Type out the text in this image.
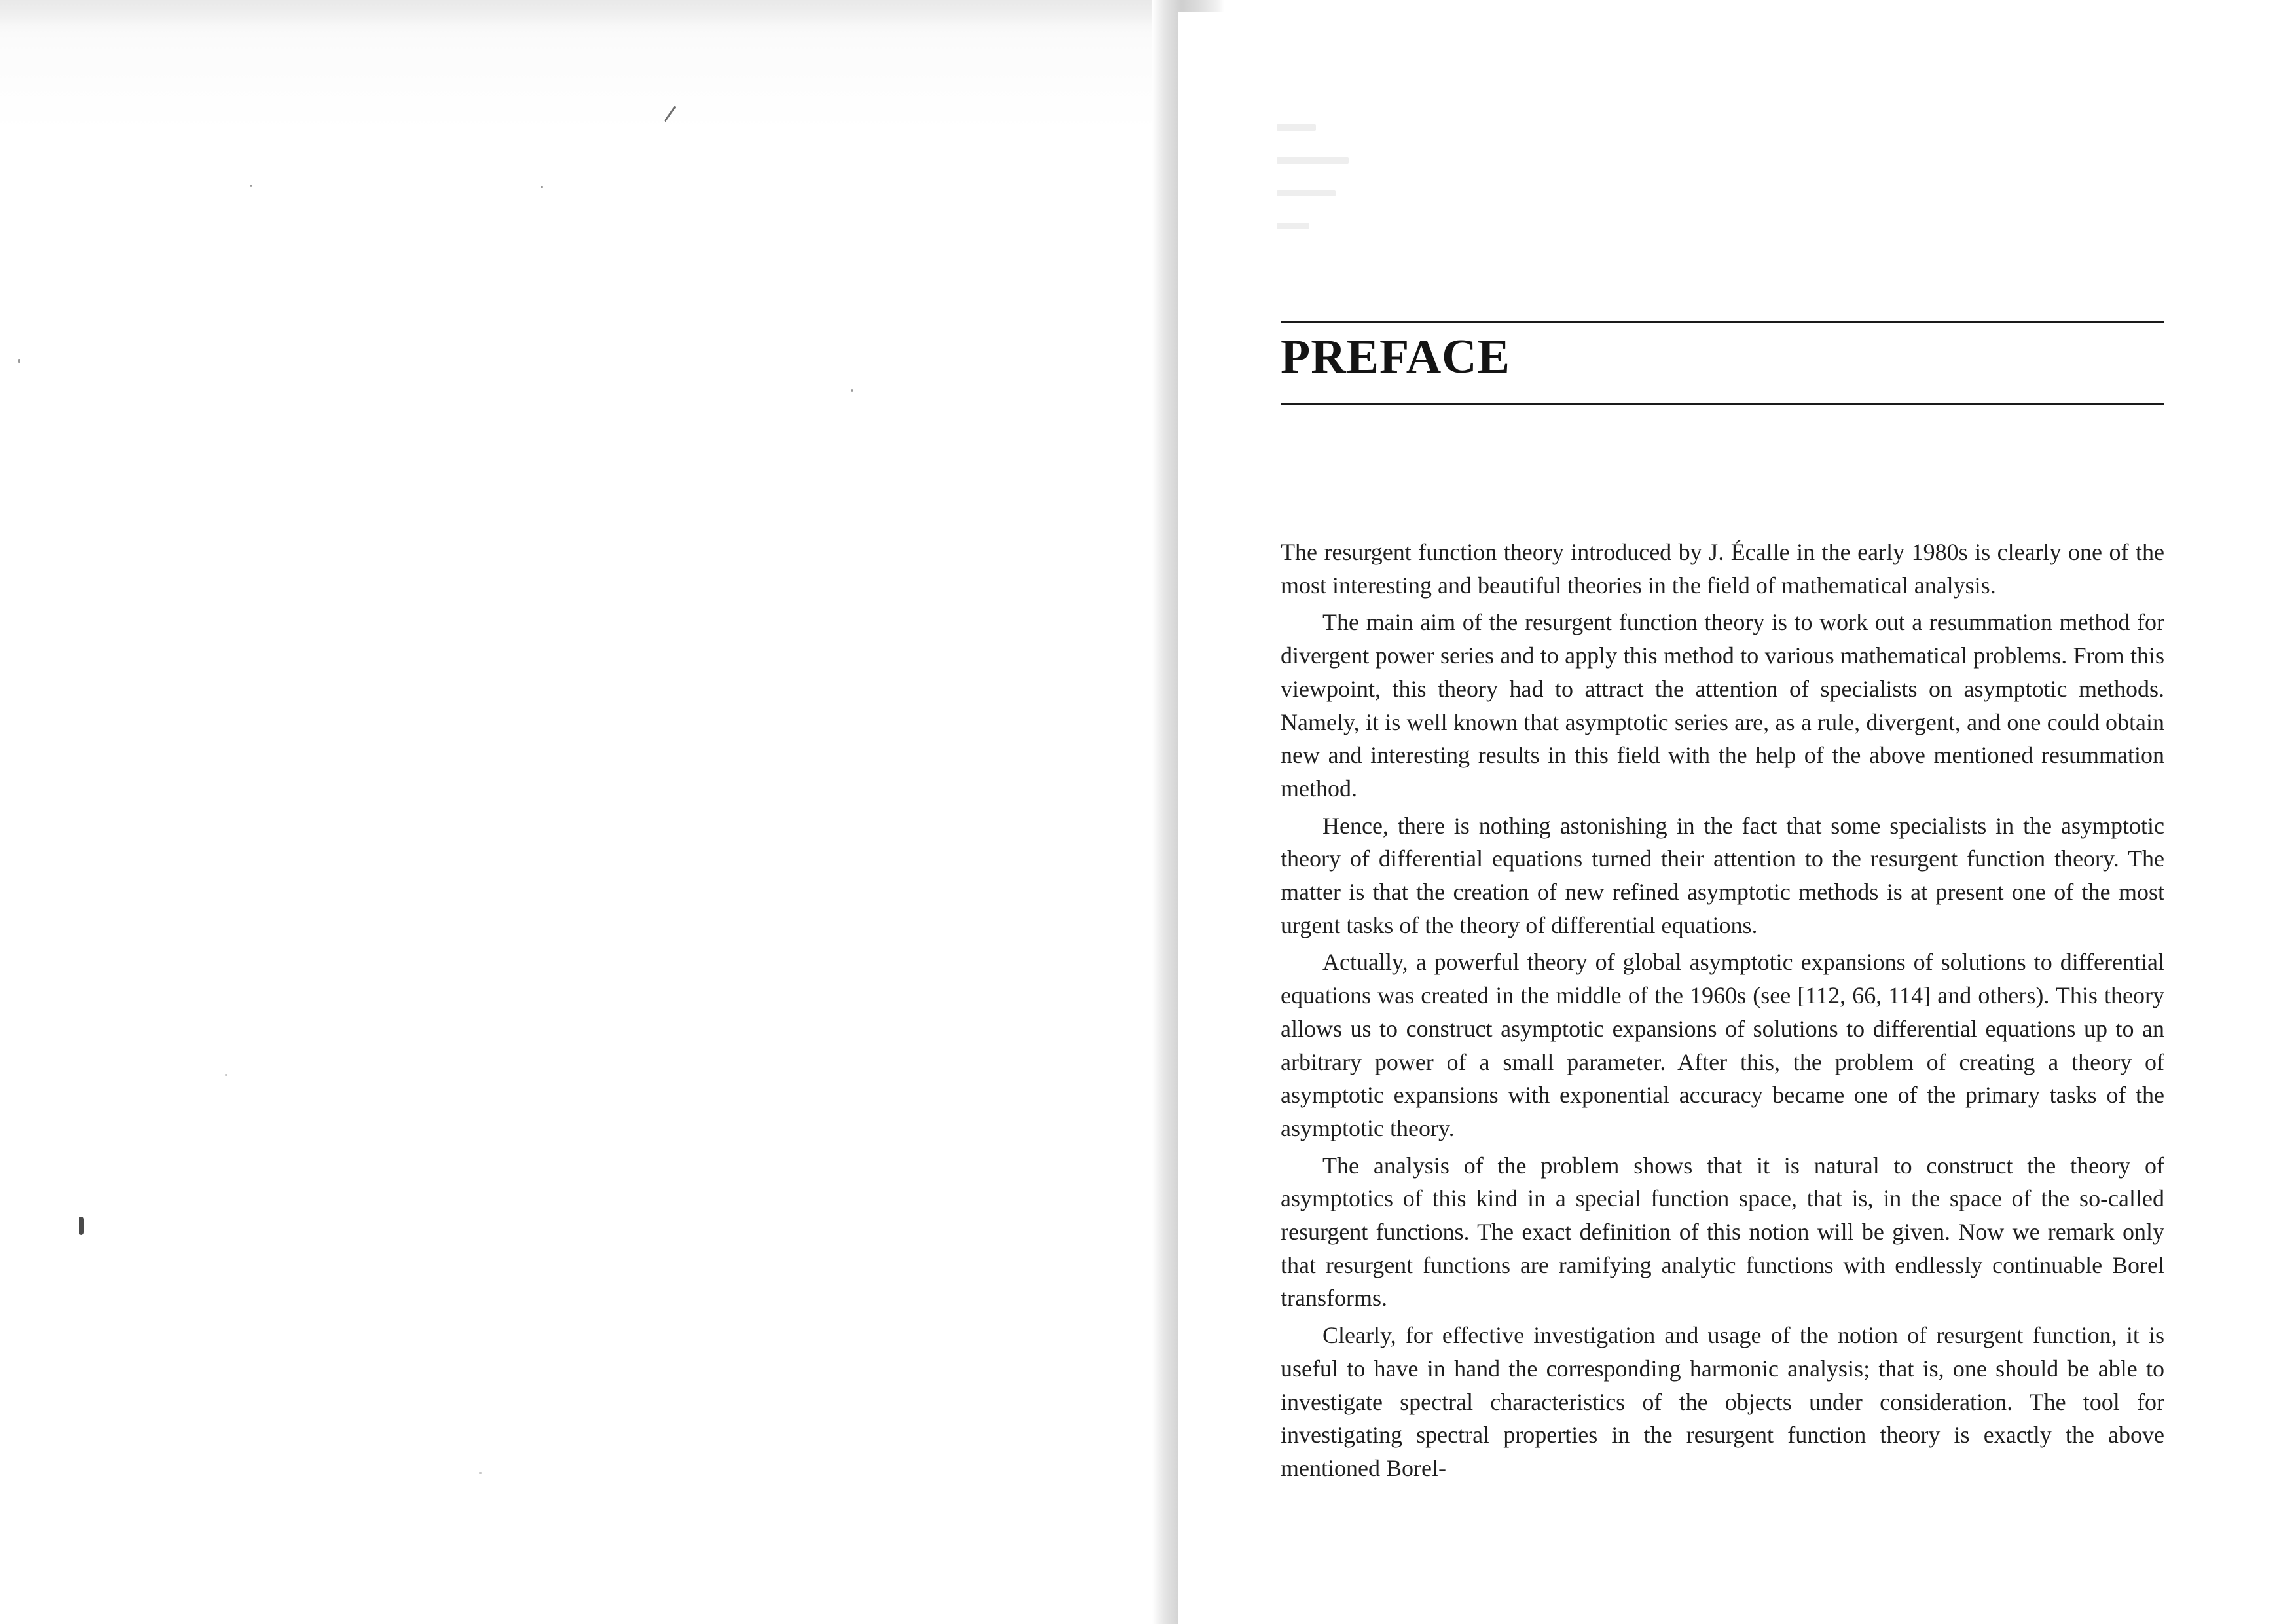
PREFACE

The resurgent function theory introduced by J. Écalle in the early 1980s is clearly one of the most interesting and beautiful theories in the field of mathematical analysis.

The main aim of the resurgent function theory is to work out a resummation method for divergent power series and to apply this method to various mathematical problems. From this viewpoint, this theory had to attract the attention of specialists on asymptotic methods. Namely, it is well known that asymptotic series are, as a rule, divergent, and one could obtain new and interesting results in this field with the help of the above mentioned resummation method.

Hence, there is nothing astonishing in the fact that some specialists in the asymptotic theory of differential equations turned their attention to the resurgent function theory. The matter is that the creation of new refined asymptotic methods is at present one of the most urgent tasks of the theory of differential equations.

Actually, a powerful theory of global asymptotic expansions of solutions to differential equations was created in the middle of the 1960s (see [112, 66, 114] and others). This theory allows us to construct asymptotic expansions of solutions to differential equations up to an arbitrary power of a small parameter. After this, the problem of creating a theory of asymptotic expansions with exponential accuracy became one of the primary tasks of the asymptotic theory.

The analysis of the problem shows that it is natural to construct the theory of asymptotics of this kind in a special function space, that is, in the space of the so-called resurgent functions. The exact definition of this notion will be given. Now we remark only that resurgent functions are ramifying analytic functions with endlessly continuable Borel transforms.

Clearly, for effective investigation and usage of the notion of resurgent function, it is useful to have in hand the corresponding harmonic analysis; that is, one should be able to investigate spectral characteristics of the objects under consideration. The tool for investigating spectral properties in the resurgent function theory is exactly the above mentioned Borel-
